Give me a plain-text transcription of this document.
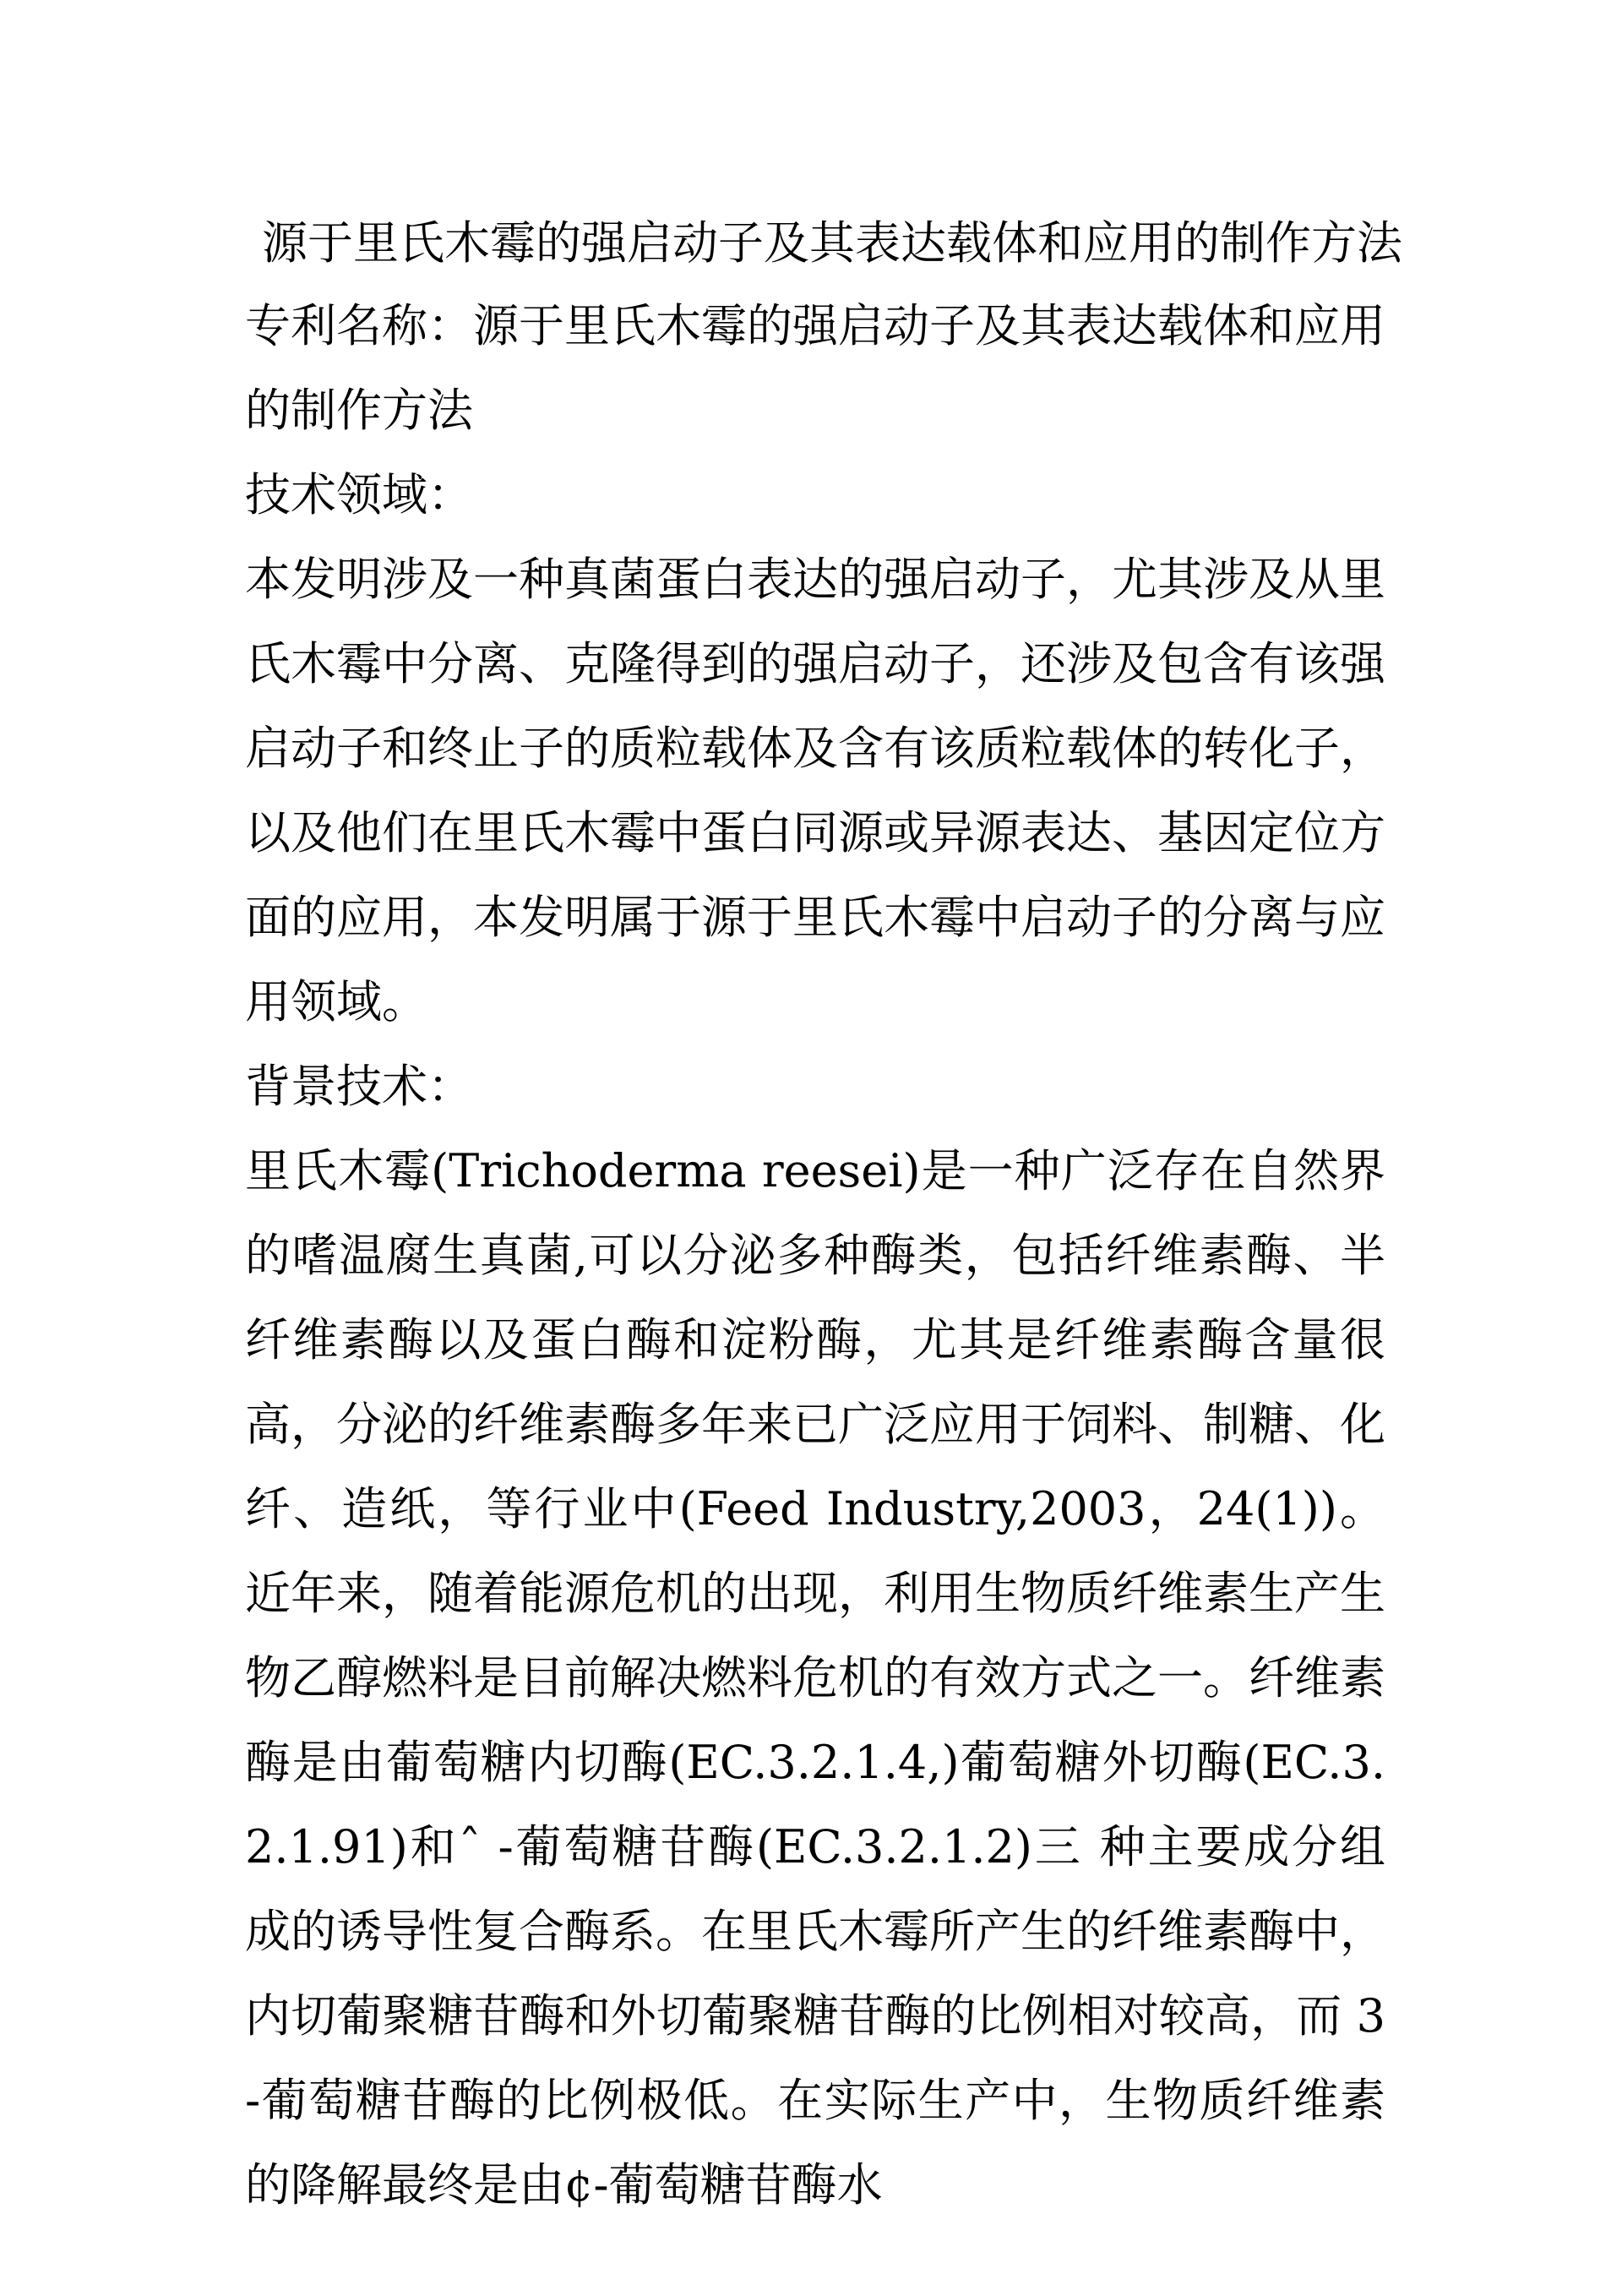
源于里氏木霉的强启动子及其表达载体和应用的制作方法

专利名称：源于里氏木霉的强启动子及其表达载体和应用的制作方法

技术领域：

本发明涉及一种真菌蛋白表达的强启动子，尤其涉及从里氏木霉中分离、克隆得到的强启动子，还涉及包含有该强启动子和终止子的质粒载体及含有该质粒载体的转化子，以及他们在里氏木霉中蛋白同源或异源表达、基因定位方面的应用，本发明属于源于里氏木霉中启动子的分离与应用领域。

背景技术：

里氏木霉(Trichoderma reesei)是一种广泛存在自然界的嗜温腐生真菌,可以分泌多种酶类，包括纤维素酶、半纤维素酶以及蛋白酶和淀粉酶，尤其是纤维素酶含量很高，分泌的纤维素酶多年来已广泛应用于饲料、制糖、化纤、造纸，等行业中(Feed Industry,2003，24(1))。近年来，随着能源危机的出现，利用生物质纤维素生产生物乙醇燃料是目前解决燃料危机的有效方式之一。纤维素酶是由葡萄糖内切酶(EC.3.2.1.4,)葡萄糖外切酶(EC.3.2.1.91)和ˆ -葡萄糖苷酶(EC.3.2.1.2)三 种主要成分组成的诱导性复合酶系。在里氏木霉所产生的纤维素酶中，内切葡聚糖苷酶和外切葡聚糖苷酶的比例相对较高，而 3 -葡萄糖苷酶的比例极低。在实际生产中，生物质纤维素的降解最终是由¢-葡萄糖苷酶水
